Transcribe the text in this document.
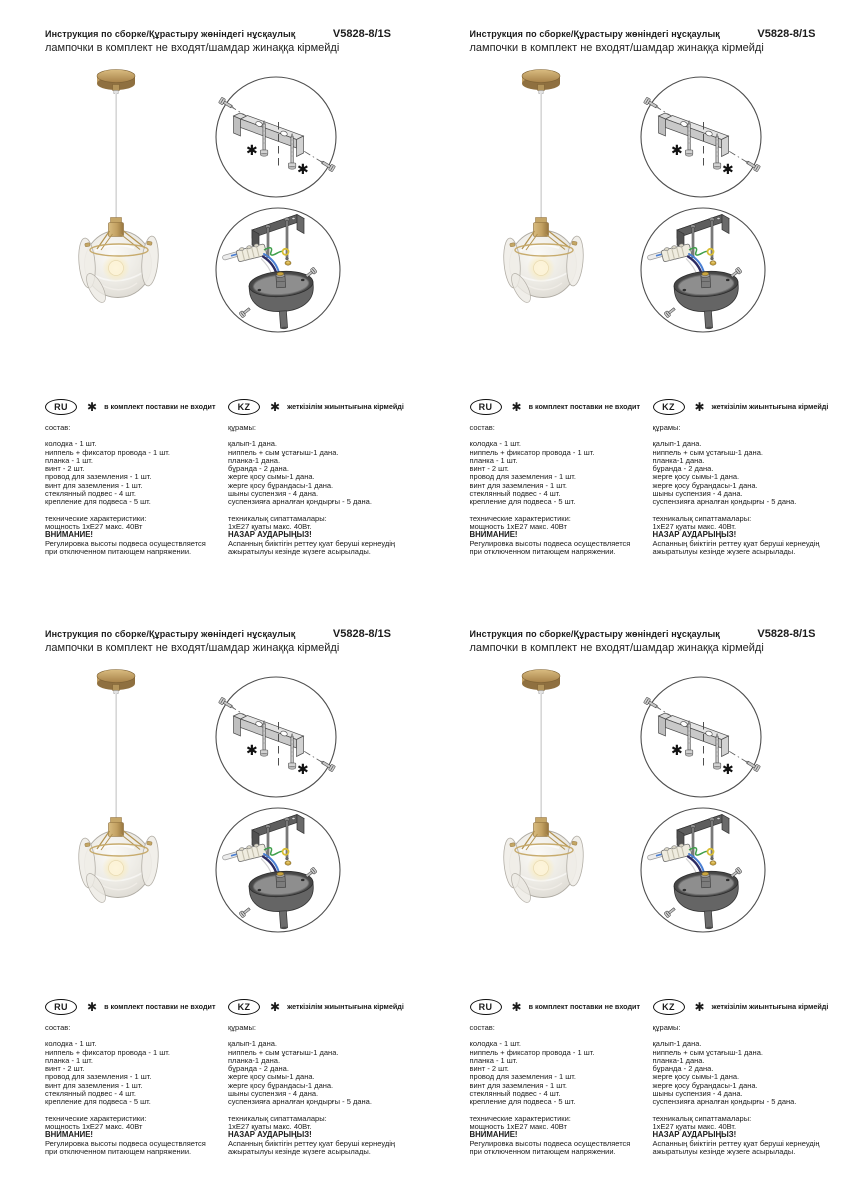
Инструкция по сборке/Құрастыру жөніндегі нұсқаулық	V5828-8/1S
лампочки в комплект не входят/шамдар жинаққа кірмейді
✱
✱
RU	✱ в комплект поставки не входит
состав:
колодка - 1 шт.
ниппель + фиксатор провода - 1 шт.
планка - 1 шт.
винт - 2 шт.
провод для заземления - 1 шт.
винт для заземления - 1 шт.
стеклянный подвес - 4 шт.
крепление для подвеса - 5 шт.
технические характеристики:
мощность 1хЕ27 макс. 40Вт
ВНИМАНИЕ!
Регулировка высоты подвеса осуществляется
при отключенном питающем напряжении.
KZ	✱ жеткізілім жиынтығына кірмейді
құрамы:
қалып-1 дана.
ниппель + сым ұстағыш-1 дана.
планка-1 дана.
бұранда - 2 дана.
жерге қосу сымы-1 дана.
жерге қосу бұрандасы-1 дана.
шыны суспензия - 4 дана.
суспензияға арналған қондырғы - 5 дана.
техникалық сипаттамалары:
1хЕ27 қуаты макс. 40Вт.
НАЗАР АУДАРЫҢЫЗ!
Аспанның биіктігін реттеу қуат беруші кернеудің
ажыратылуы кезінде жүзеге асырылады.
Инструкция по сборке/Құрастыру жөніндегі нұсқаулық	V5828-8/1S
лампочки в комплект не входят/шамдар жинаққа кірмейді
✱
✱
RU	✱ в комплект поставки не входит
состав:
колодка - 1 шт.
ниппель + фиксатор провода - 1 шт.
планка - 1 шт.
винт - 2 шт.
провод для заземления - 1 шт.
винт для заземления - 1 шт.
стеклянный подвес - 4 шт.
крепление для подвеса - 5 шт.
технические характеристики:
мощность 1хЕ27 макс. 40Вт
ВНИМАНИЕ!
Регулировка высоты подвеса осуществляется
при отключенном питающем напряжении.
KZ	✱ жеткізілім жиынтығына кірмейді
құрамы:
қалып-1 дана.
ниппель + сым ұстағыш-1 дана.
планка-1 дана.
бұранда - 2 дана.
жерге қосу сымы-1 дана.
жерге қосу бұрандасы-1 дана.
шыны суспензия - 4 дана.
суспензияға арналған қондырғы - 5 дана.
техникалық сипаттамалары:
1хЕ27 қуаты макс. 40Вт.
НАЗАР АУДАРЫҢЫЗ!
Аспанның биіктігін реттеу қуат беруші кернеудің
ажыратылуы кезінде жүзеге асырылады.
Инструкция по сборке/Құрастыру жөніндегі нұсқаулық	V5828-8/1S
лампочки в комплект не входят/шамдар жинаққа кірмейді
✱
✱
RU	✱ в комплект поставки не входит
состав:
колодка - 1 шт.
ниппель + фиксатор провода - 1 шт.
планка - 1 шт.
винт - 2 шт.
провод для заземления - 1 шт.
винт для заземления - 1 шт.
стеклянный подвес - 4 шт.
крепление для подвеса - 5 шт.
технические характеристики:
мощность 1хЕ27 макс. 40Вт
ВНИМАНИЕ!
Регулировка высоты подвеса осуществляется
при отключенном питающем напряжении.
KZ	✱ жеткізілім жиынтығына кірмейді
құрамы:
қалып-1 дана.
ниппель + сым ұстағыш-1 дана.
планка-1 дана.
бұранда - 2 дана.
жерге қосу сымы-1 дана.
жерге қосу бұрандасы-1 дана.
шыны суспензия - 4 дана.
суспензияға арналған қондырғы - 5 дана.
техникалық сипаттамалары:
1хЕ27 қуаты макс. 40Вт.
НАЗАР АУДАРЫҢЫЗ!
Аспанның биіктігін реттеу қуат беруші кернеудің
ажыратылуы кезінде жүзеге асырылады.
Инструкция по сборке/Құрастыру жөніндегі нұсқаулық	V5828-8/1S
лампочки в комплект не входят/шамдар жинаққа кірмейді
✱
✱
RU	✱ в комплект поставки не входит
состав:
колодка - 1 шт.
ниппель + фиксатор провода - 1 шт.
планка - 1 шт.
винт - 2 шт.
провод для заземления - 1 шт.
винт для заземления - 1 шт.
стеклянный подвес - 4 шт.
крепление для подвеса - 5 шт.
технические характеристики:
мощность 1хЕ27 макс. 40Вт
ВНИМАНИЕ!
Регулировка высоты подвеса осуществляется
при отключенном питающем напряжении.
KZ	✱ жеткізілім жиынтығына кірмейді
құрамы:
қалып-1 дана.
ниппель + сым ұстағыш-1 дана.
планка-1 дана.
бұранда - 2 дана.
жерге қосу сымы-1 дана.
жерге қосу бұрандасы-1 дана.
шыны суспензия - 4 дана.
суспензияға арналған қондырғы - 5 дана.
техникалық сипаттамалары:
1хЕ27 қуаты макс. 40Вт.
НАЗАР АУДАРЫҢЫЗ!
Аспанның биіктігін реттеу қуат беруші кернеудің
ажыратылуы кезінде жүзеге асырылады.
